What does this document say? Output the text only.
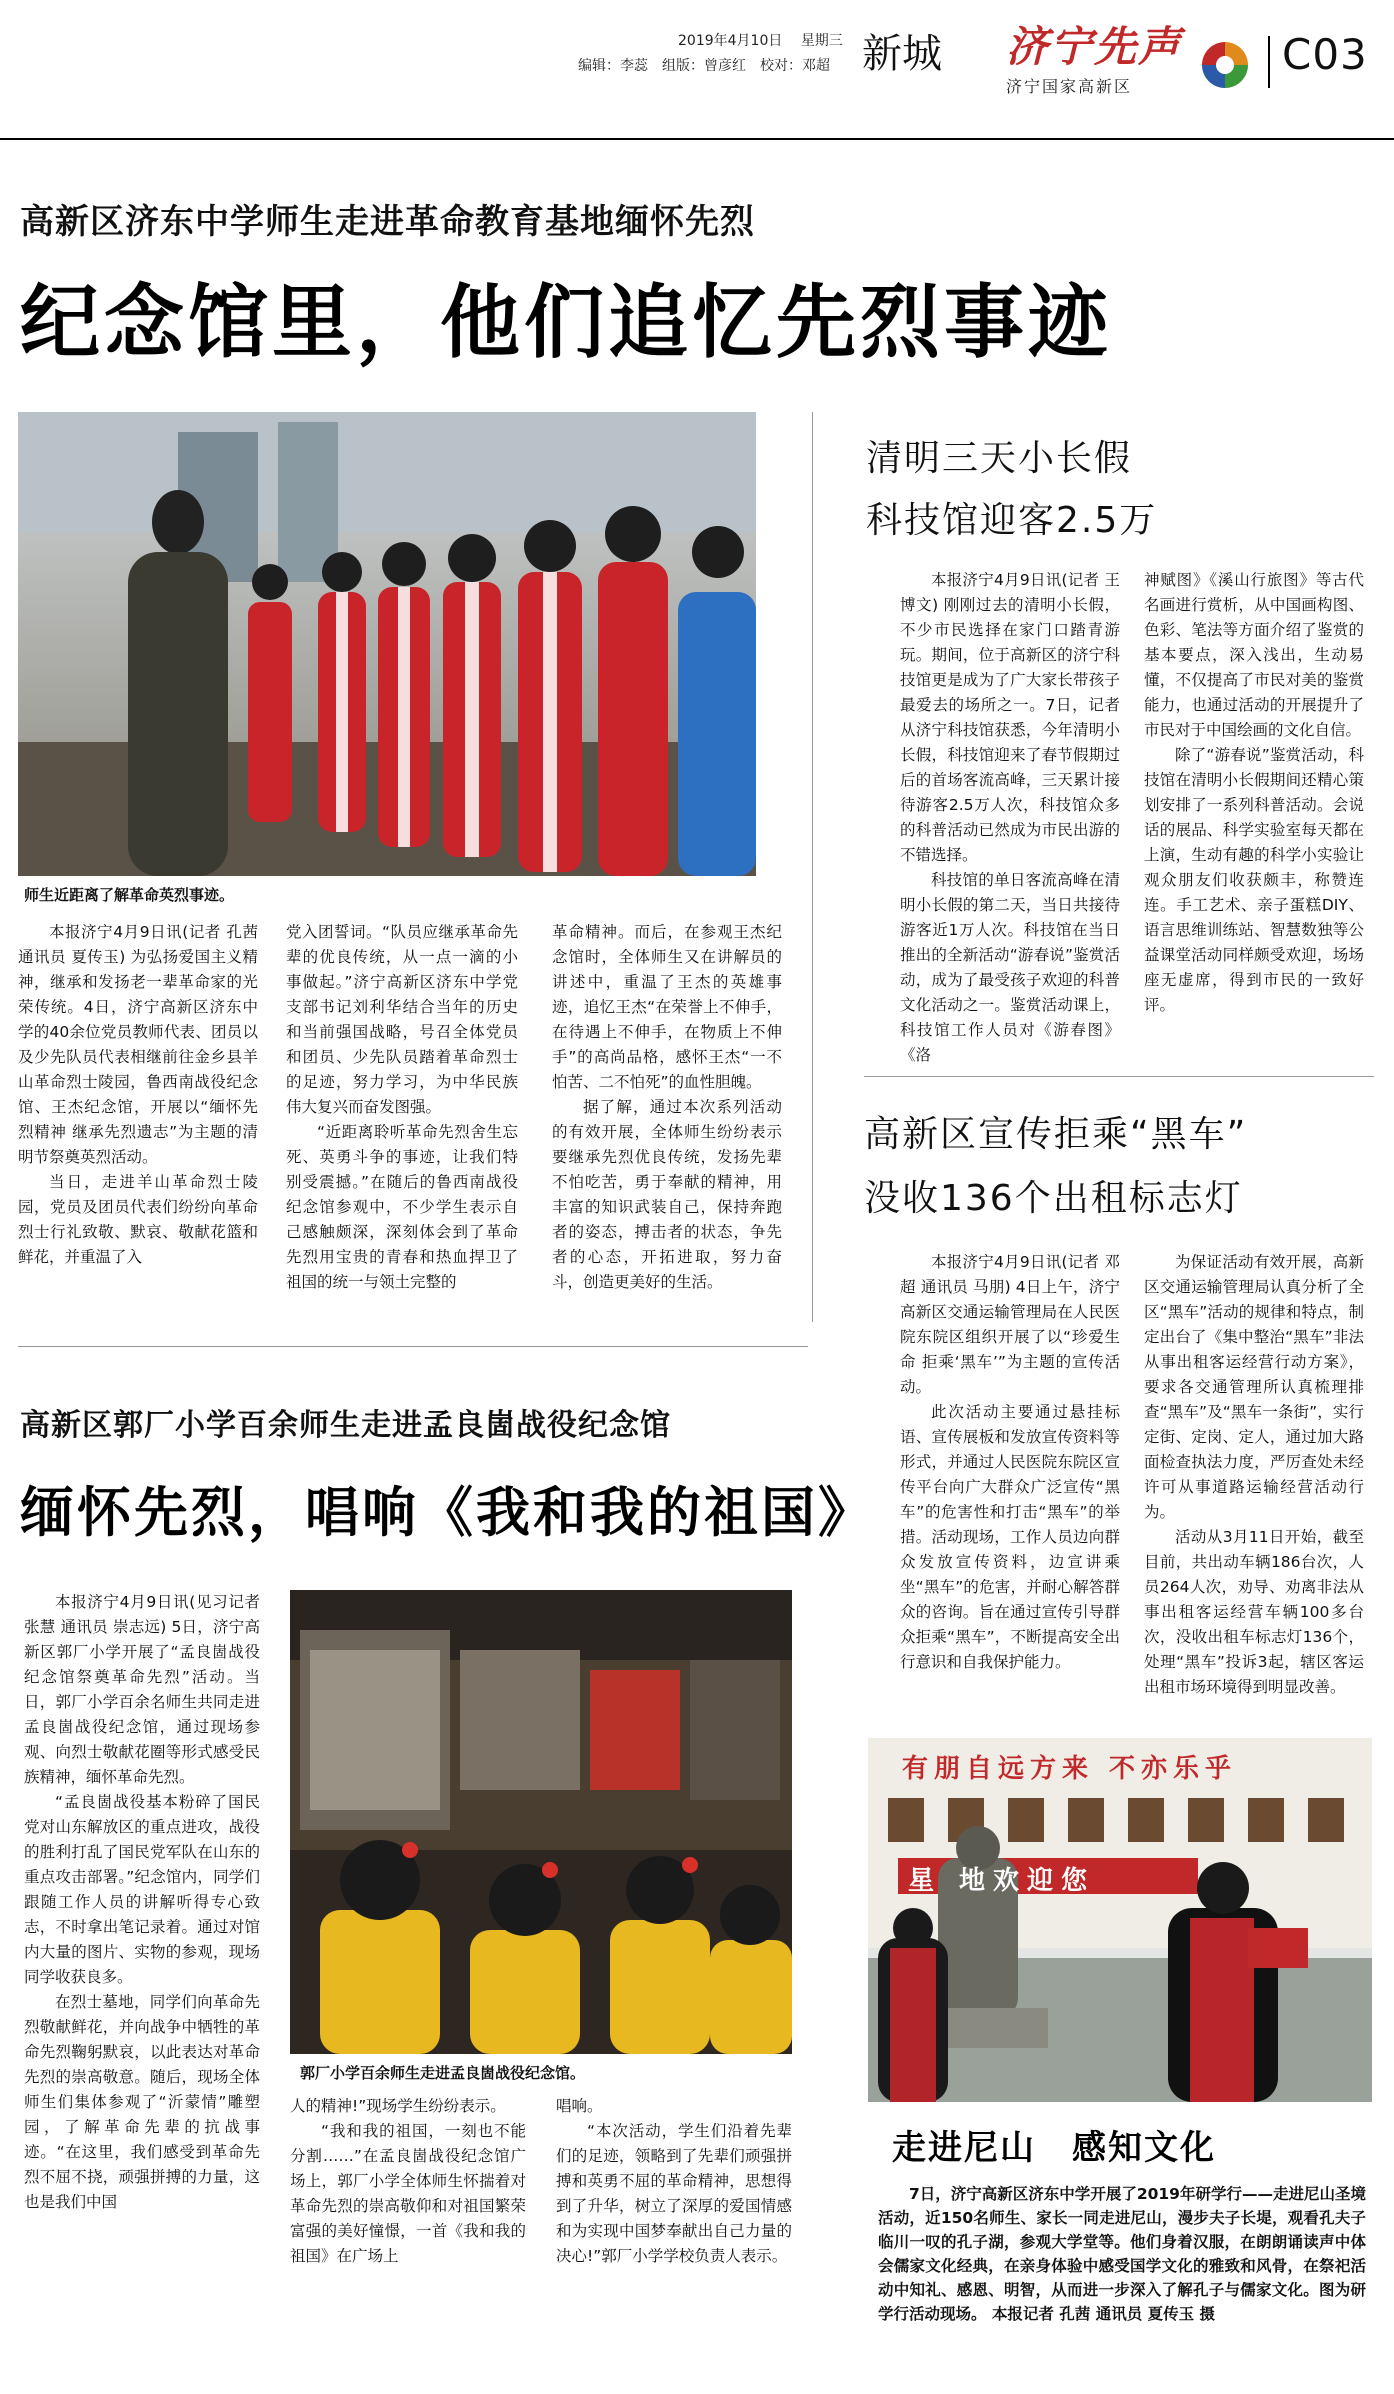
2019年4月10日 星期三
编辑：李蕊　组版：曾彦红　校对：邓超 新城 济宁先声
济宁国家高新区
C03
高新区济东中学师生走进革命教育基地缅怀先烈
纪念馆里，他们追忆先烈事迹
师生近距离了解革命英烈事迹。

本报济宁4月9日讯(记者 孔茜 通讯员 夏传玉) 为弘扬爱国主义精神，继承和发扬老一辈革命家的光荣传统。4日，济宁高新区济东中学的40余位党员教师代表、团员以及少先队员代表相继前往金乡县羊山革命烈士陵园，鲁西南战役纪念馆、王杰纪念馆，开展以“缅怀先烈精神 继承先烈遗志”为主题的清明节祭奠英烈活动。

当日，走进羊山革命烈士陵园，党员及团员代表们纷纷向革命烈士行礼致敬、默哀、敬献花篮和鲜花，并重温了入

党入团誓词。“队员应继承革命先辈的优良传统，从一点一滴的小事做起。”济宁高新区济东中学党支部书记刘利华结合当年的历史和当前强国战略，号召全体党员和团员、少先队员踏着革命烈士的足迹，努力学习，为中华民族伟大复兴而奋发图强。

“近距离聆听革命先烈舍生忘死、英勇斗争的事迹，让我们特别受震撼。”在随后的鲁西南战役纪念馆参观中，不少学生表示自己感触颇深，深刻体会到了革命先烈用宝贵的青春和热血捍卫了祖国的统一与领土完整的

革命精神。而后，在参观王杰纪念馆时，全体师生又在讲解员的讲述中，重温了王杰的英雄事迹，追忆王杰“在荣誉上不伸手，在待遇上不伸手，在物质上不伸手”的高尚品格，感怀王杰“一不怕苦、二不怕死”的血性胆魄。

据了解，通过本次系列活动的有效开展，全体师生纷纷表示要继承先烈优良传统，发扬先辈不怕吃苦，勇于奉献的精神，用丰富的知识武装自己，保持奔跑者的姿态，搏击者的状态，争先者的心态，开拓进取，努力奋斗，创造更美好的生活。

清明三天小长假
科技馆迎客2.5万

本报济宁4月9日讯(记者 王博文) 刚刚过去的清明小长假，不少市民选择在家门口踏青游玩。期间，位于高新区的济宁科技馆更是成为了广大家长带孩子最爱去的场所之一。7日，记者从济宁科技馆获悉，今年清明小长假，科技馆迎来了春节假期过后的首场客流高峰，三天累计接待游客2.5万人次，科技馆众多的科普活动已然成为市民出游的不错选择。

科技馆的单日客流高峰在清明小长假的第二天，当日共接待游客近1万人次。科技馆在当日推出的全新活动“游春说”鉴赏活动，成为了最受孩子欢迎的科普文化活动之一。鉴赏活动课上，科技馆工作人员对《游春图》《洛

神赋图》《溪山行旅图》等古代名画进行赏析，从中国画构图、色彩、笔法等方面介绍了鉴赏的基本要点，深入浅出，生动易懂，不仅提高了市民对美的鉴赏能力，也通过活动的开展提升了市民对于中国绘画的文化自信。

除了“游春说”鉴赏活动，科技馆在清明小长假期间还精心策划安排了一系列科普活动。会说话的展品、科学实验室每天都在上演，生动有趣的科学小实验让观众朋友们收获颇丰，称赞连连。手工艺术、亲子蛋糕DIY、语言思维训练站、智慧数独等公益课堂活动同样颇受欢迎，场场座无虚席，得到市民的一致好评。

高新区宣传拒乘“黑车”
没收136个出租标志灯

本报济宁4月9日讯(记者 邓超 通讯员 马朋) 4日上午，济宁高新区交通运输管理局在人民医院东院区组织开展了以“珍爱生命 拒乘‘黑车’”为主题的宣传活动。

此次活动主要通过悬挂标语、宣传展板和发放宣传资料等形式，并通过人民医院东院区宣传平台向广大群众广泛宣传“黑车”的危害性和打击“黑车”的举措。活动现场，工作人员边向群众发放宣传资料，边宣讲乘坐“黑车”的危害，并耐心解答群众的咨询。旨在通过宣传引导群众拒乘“黑车”，不断提高安全出行意识和自我保护能力。

为保证活动有效开展，高新区交通运输管理局认真分析了全区“黑车”活动的规律和特点，制定出台了《集中整治“黑车”非法从事出租客运经营行动方案》，要求各交通管理所认真梳理排查“黑车”及“黑车一条街”，实行定街、定岗、定人，通过加大路面检查执法力度，严厉查处未经许可从事道路运输经营活动行为。

活动从3月11日开始，截至目前，共出动车辆186台次，人员264人次，劝导、劝离非法从事出租客运经营车辆100多台次，没收出租车标志灯136个，处理“黑车”投诉3起，辖区客运出租市场环境得到明显改善。

高新区郭厂小学百余师生走进孟良崮战役纪念馆
缅怀先烈，唱响《我和我的祖国》

本报济宁4月9日讯(见习记者 张慧 通讯员 崇志远) 5日，济宁高新区郭厂小学开展了“孟良崮战役纪念馆祭奠革命先烈”活动。当日，郭厂小学百余名师生共同走进孟良崮战役纪念馆，通过现场参观、向烈士敬献花圈等形式感受民族精神，缅怀革命先烈。

“孟良崮战役基本粉碎了国民党对山东解放区的重点进攻，战役的胜利打乱了国民党军队在山东的重点攻击部署。”纪念馆内，同学们跟随工作人员的讲解听得专心致志，不时拿出笔记录着。通过对馆内大量的图片、实物的参观，现场同学收获良多。

在烈士墓地，同学们向革命先烈敬献鲜花，并向战争中牺牲的革命先烈鞠躬默哀，以此表达对革命先烈的崇高敬意。随后，现场全体师生们集体参观了“沂蒙情”雕塑园，了解革命先辈的抗战事迹。“在这里，我们感受到革命先烈不屈不挠，顽强拼搏的力量，这也是我们中国

郭厂小学百余师生走进孟良崮战役纪念馆。

人的精神!”现场学生纷纷表示。

“我和我的祖国，一刻也不能分割……”在孟良崮战役纪念馆广场上，郭厂小学全体师生怀揣着对革命先烈的崇高敬仰和对祖国繁荣富强的美好憧憬，一首《我和我的祖国》在广场上

唱响。

“本次活动，学生们沿着先辈们的足迹，领略到了先辈们顽强拼搏和英勇不屈的革命精神，思想得到了升华，树立了深厚的爱国情感和为实现中国梦奉献出自己力量的决心!”郭厂小学学校负责人表示。

有朋自远方来 不亦乐乎
星 地欢迎您
走进尼山　感知文化

7日，济宁高新区济东中学开展了2019年研学行——走进尼山圣境活动，近150名师生、家长一同走进尼山，漫步夫子长堤，观看孔夫子临川一叹的孔子湖，参观大学堂等。他们身着汉服，在朗朗诵读声中体会儒家文化经典，在亲身体验中感受国学文化的雅致和风骨，在祭祀活动中知礼、感恩、明智，从而进一步深入了解孔子与儒家文化。图为研学行活动现场。 本报记者 孔茜 通讯员 夏传玉 摄
